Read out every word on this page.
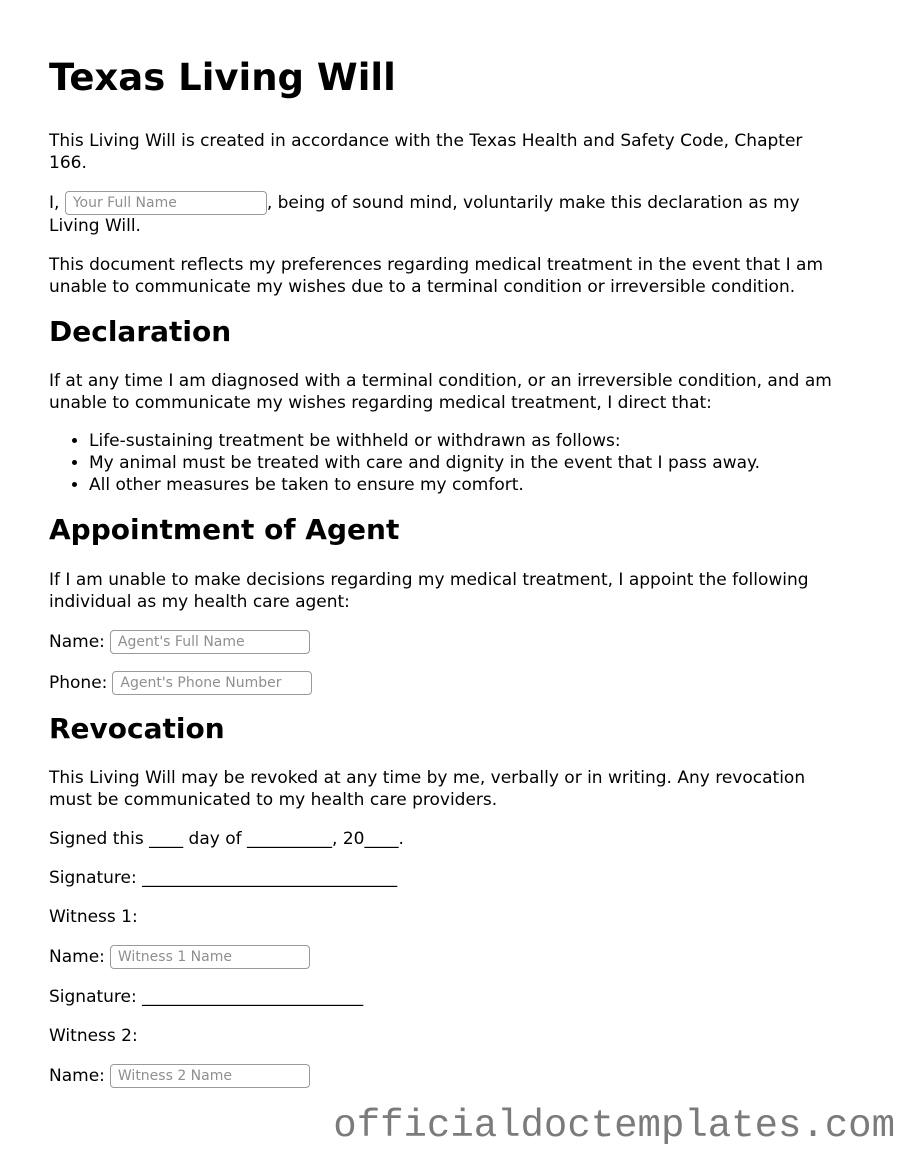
Texas Living Will

This Living Will is created in accordance with the Texas Health and Safety Code, Chapter 166.

I, Your Full Name	, being of sound mind, voluntarily make this declaration as my Living Will.

This document reflects my preferences regarding medical treatment in the event that I am unable to communicate my wishes due to a terminal condition or irreversible condition.

Declaration

If at any time I am diagnosed with a terminal condition, or an irreversible condition, and am unable to communicate my wishes regarding medical treatment, I direct that:

• Life-sustaining treatment be withheld or withdrawn as follows:
• My animal must be treated with care and dignity in the event that I pass away.
• All other measures be taken to ensure my comfort.
Appointment of Agent

If I am unable to make decisions regarding my medical treatment, I appoint the following individual as my health care agent:

Name:Agent's Full Name

Phone:Agent's Phone Number

Revocation

This Living Will may be revoked at any time by me, verbally or in writing. Any revocation must be communicated to my health care providers.

Signed this ____ day of __________, 20____.

Signature: ______________________________

Witness 1:

Name:Witness 1 Name

Signature: __________________________

Witness 2:

Name:Witness 2 Name

officialdoctemplates.com
